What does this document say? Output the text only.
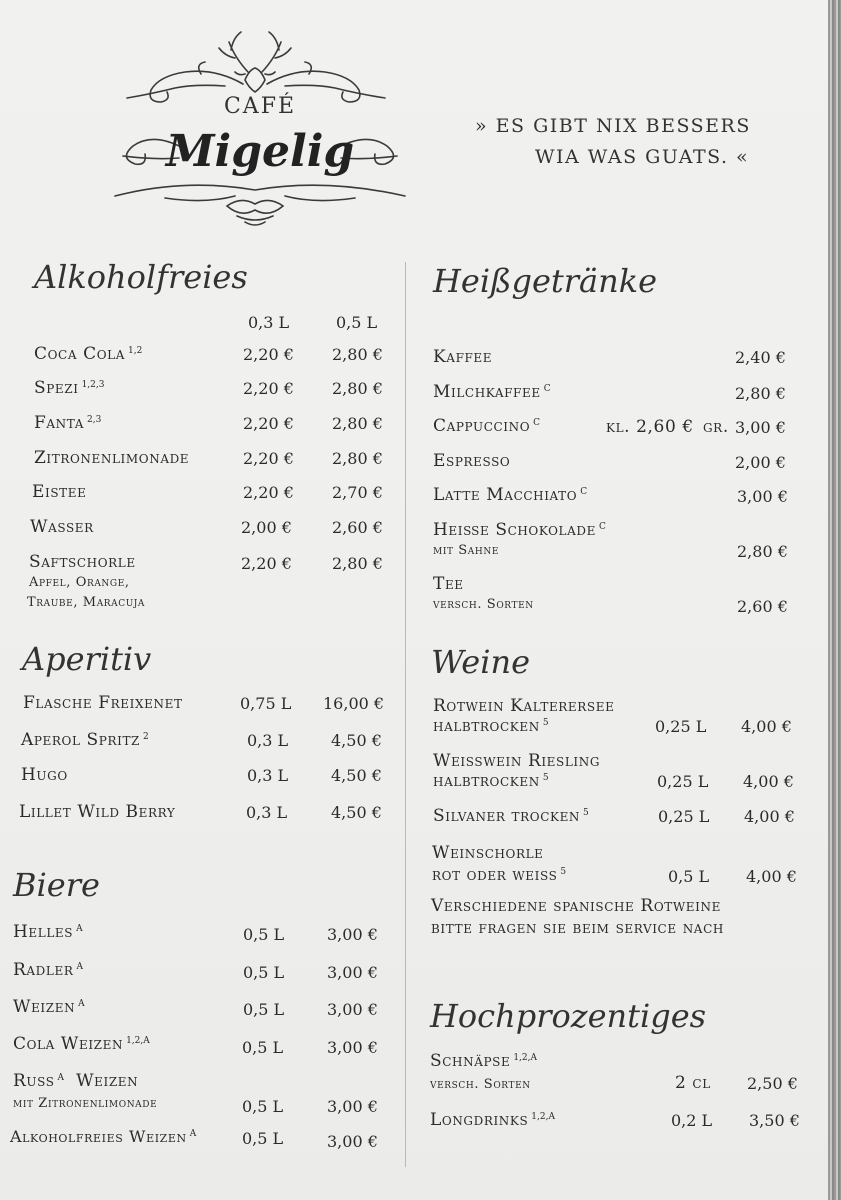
CAFÉ
Migelig	» ES GIBT NIX BESSERS
WIA WAS GUATS. «
Alkoholfreies
0,3 L	0,5 L
Coca Cola $^{1,2}$	2,20 € 2,80 €
Spezi $^{1,2,3}$	2,20 € 2,80 €
Fanta $^{2,3}$	2,20 € 2,80 €
Zitronenlimonade	2,20 € 2,80 €
Eistee	2,20 € 2,70 €
Wasser	2,00 €	2,60 €
Saftschorle
Apfel, Orange,
Traube, Maracuja
2,20 €	2,80 €
Aperitiv
Flasche Freixenet	0,75 L 16,00 €
Aperol Spritz $^2$	0,3 L	4,50 €
Hugo	0,3 L	4,50 €
Lillet Wild Berry	0,3 L	4,50 €
Biere
Helles $^A$	0,5 L	3,00 €
Radler $^A$	0,5 L	3,00 €
Weizen $^A$	0,5 L	3,00 €
Cola Weizen $^{1,2,A}$	0,5 L	3,00 €
Russ $^A$ Weizen
mit Zitronenlimonade	0,5 L	3,00 €
Alkoholfreies Weizen $^A$	0,5 L	3,00 €
Heißgetränke
Kaffee	2,40 €
Milchkaffee $^C$	2,80 €
Cappuccino $^C$	kl. 2,60 € gr. 3,00 €
Espresso	2,00 €
Latte Macchiato $^C$	3,00 €
Heiße Schokolade $^C$
mit Sahne	2,80 €
Tee
versch. Sorten	2,60 €
Weine
Rotwein Kalterersee
halbtrocken $^5$	0,25 L 4,00 €
Weisswein Riesling
halbtrocken $^5$	0,25 L 4,00 €
Silvaner trocken $^5$	0,25 L 4,00 €
Weinschorle
rot oder weiss $^5$	0,5 L 4,00 €
Verschiedene spanische Rotweine
bitte fragen sie beim service nach
Hochprozentiges
Schnäpse $^{1,2,A}$
versch. Sorten	2 cl 2,50 €
Longdrinks $^{1,2,A}$	0,2 L 3,50 €
